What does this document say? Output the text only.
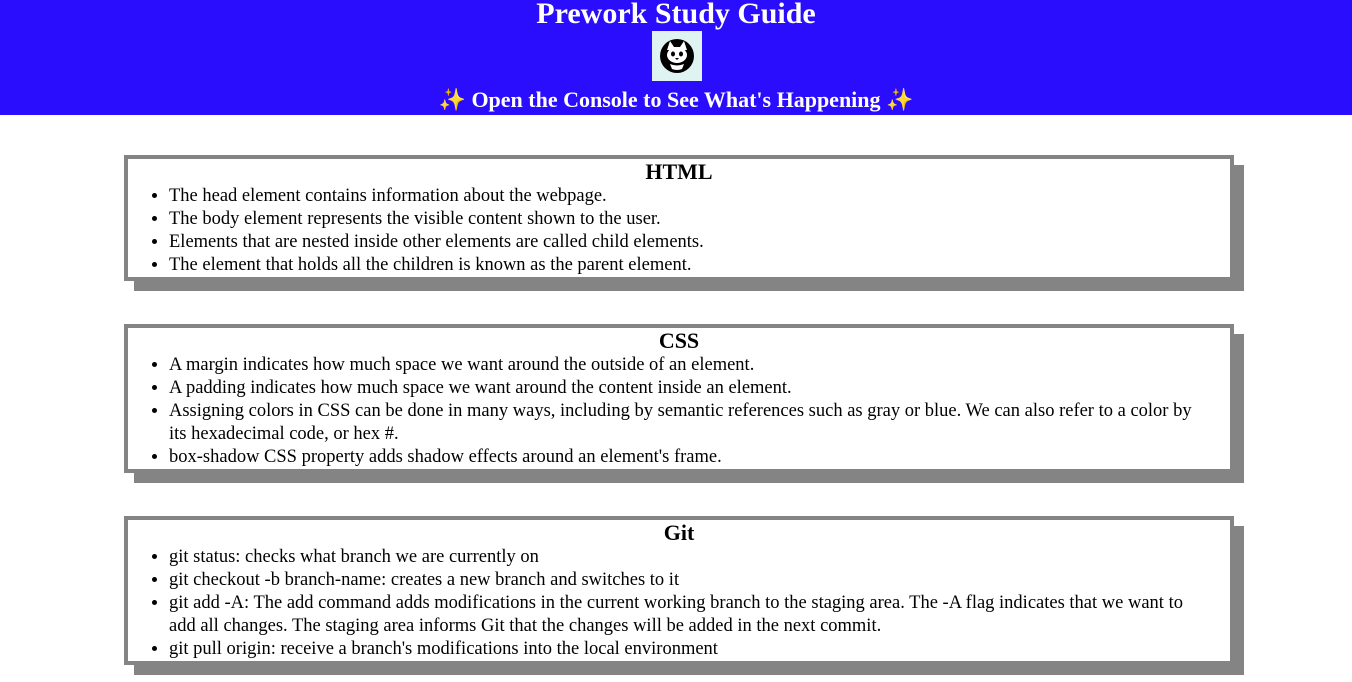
Prework Study Guide
✨ Open the Console to See What's Happening ✨
HTML
• The head element contains information about the webpage.
• The body element represents the visible content shown to the user.
• Elements that are nested inside other elements are called child elements.
• The element that holds all the children is known as the parent element.
CSS
• A margin indicates how much space we want around the outside of an element.
• A padding indicates how much space we want around the content inside an element.
• Assigning colors in CSS can be done in many ways, including by semantic references such as gray or blue. We can also refer to a color by its hexadecimal code, or hex #.
• box-shadow CSS property adds shadow effects around an element's frame.
Git
• git status: checks what branch we are currently on
• git checkout -b branch-name: creates a new branch and switches to it
• git add -A: The add command adds modifications in the current working branch to the staging area. The -A flag indicates that we want to add all changes. The staging area informs Git that the changes will be added in the next commit.
• git pull origin: receive a branch's modifications into the local environment
